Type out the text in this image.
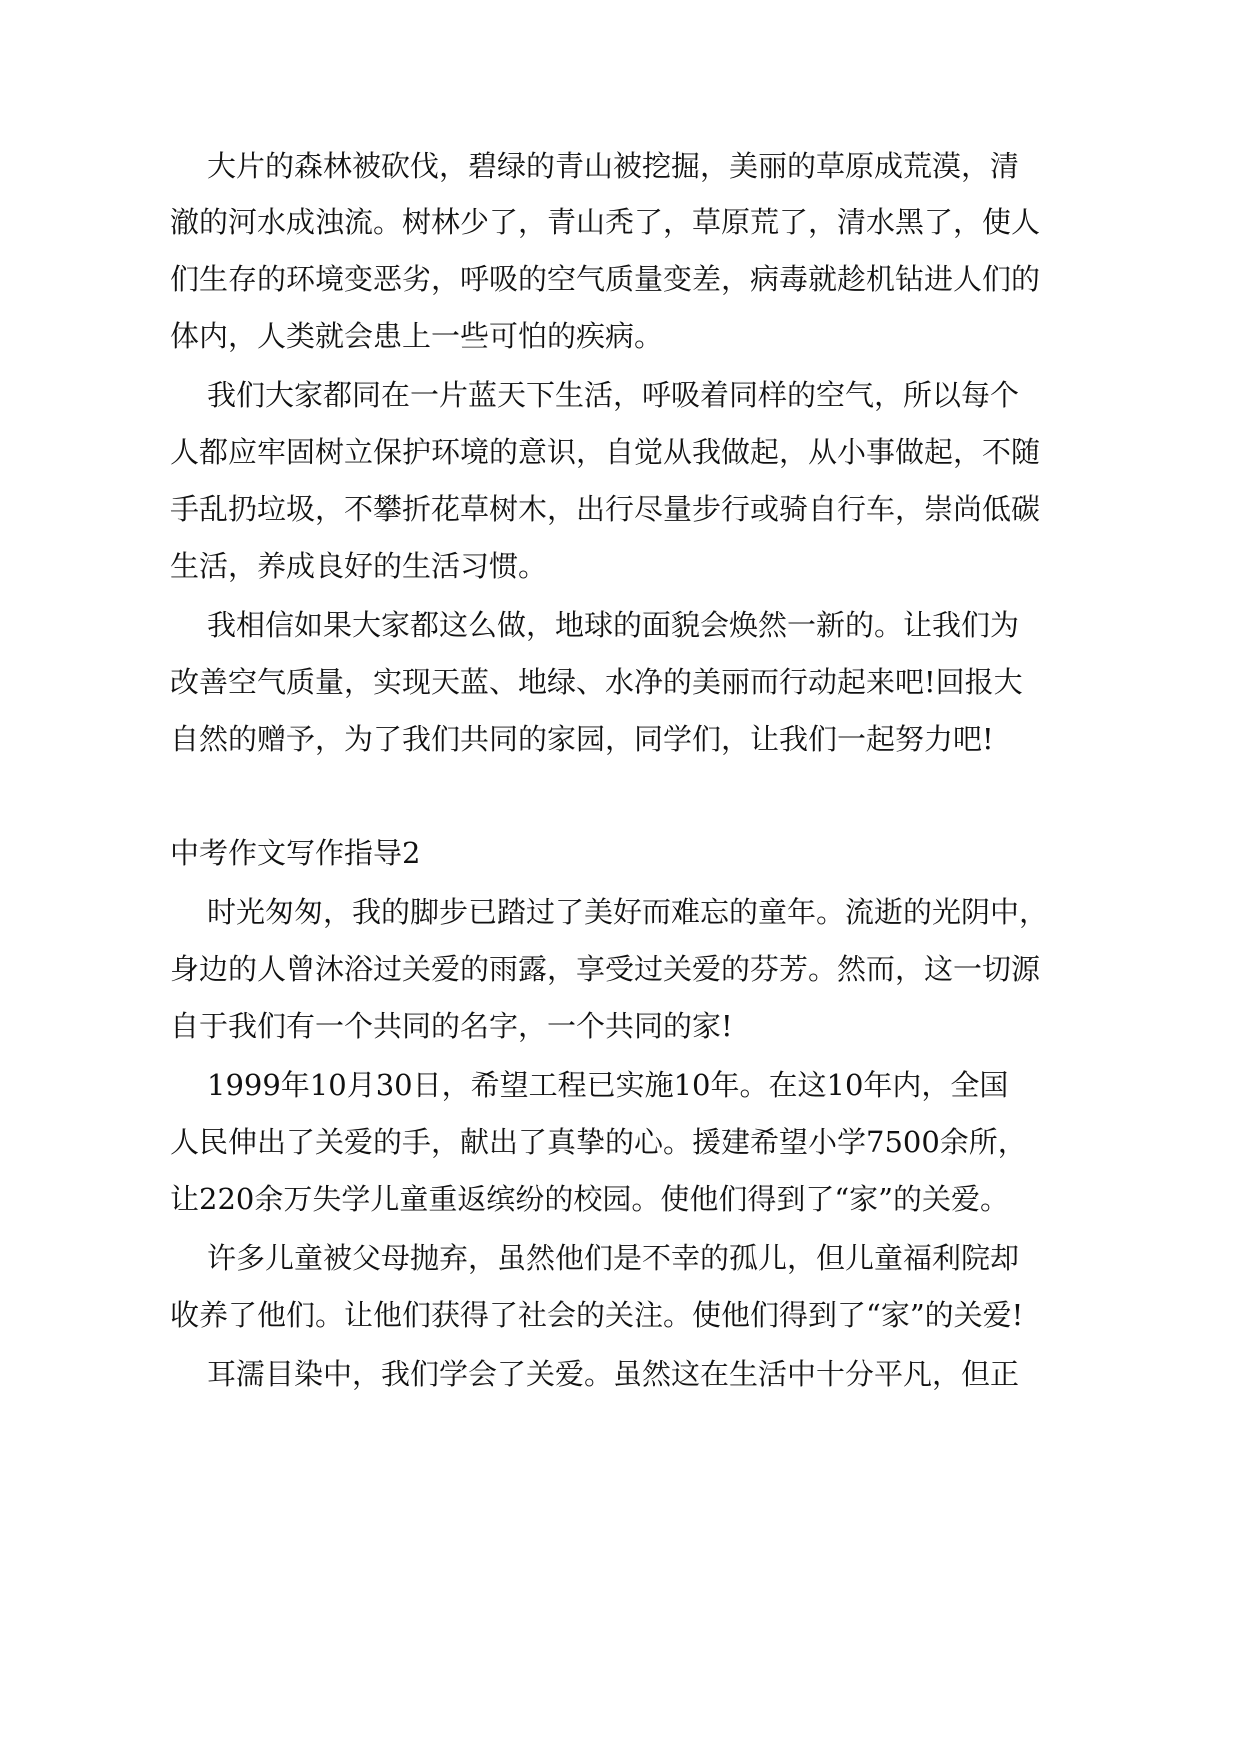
大片的森林被砍伐，碧绿的青山被挖掘，美丽的草原成荒漠，清

澈的河水成浊流。树林少了，青山秃了，草原荒了，清水黑了，使人

们生存的环境变恶劣，呼吸的空气质量变差，病毒就趁机钻进人们的

体内，人类就会患上一些可怕的疾病。

我们大家都同在一片蓝天下生活，呼吸着同样的空气，所以每个

人都应牢固树立保护环境的意识，自觉从我做起，从小事做起，不随

手乱扔垃圾，不攀折花草树木，出行尽量步行或骑自行车，崇尚低碳

生活，养成良好的生活习惯。

我相信如果大家都这么做，地球的面貌会焕然一新的。让我们为

改善空气质量，实现天蓝、地绿、水净的美丽而行动起来吧!回报大

自然的赠予，为了我们共同的家园，同学们，让我们一起努力吧!

中考作文写作指导2

时光匆匆，我的脚步已踏过了美好而难忘的童年。流逝的光阴中，

身边的人曾沐浴过关爱的雨露，享受过关爱的芬芳。然而，这一切源

自于我们有一个共同的名字，一个共同的家!

1999年10月30日，希望工程已实施10年。在这10年内，全国

人民伸出了关爱的手，献出了真挚的心。援建希望小学7500余所，

让220余万失学儿童重返缤纷的校园。使他们得到了“家”的关爱。

许多儿童被父母抛弃，虽然他们是不幸的孤儿，但儿童福利院却

收养了他们。让他们获得了社会的关注。使他们得到了“家”的关爱!

耳濡目染中，我们学会了关爱。虽然这在生活中十分平凡，但正
